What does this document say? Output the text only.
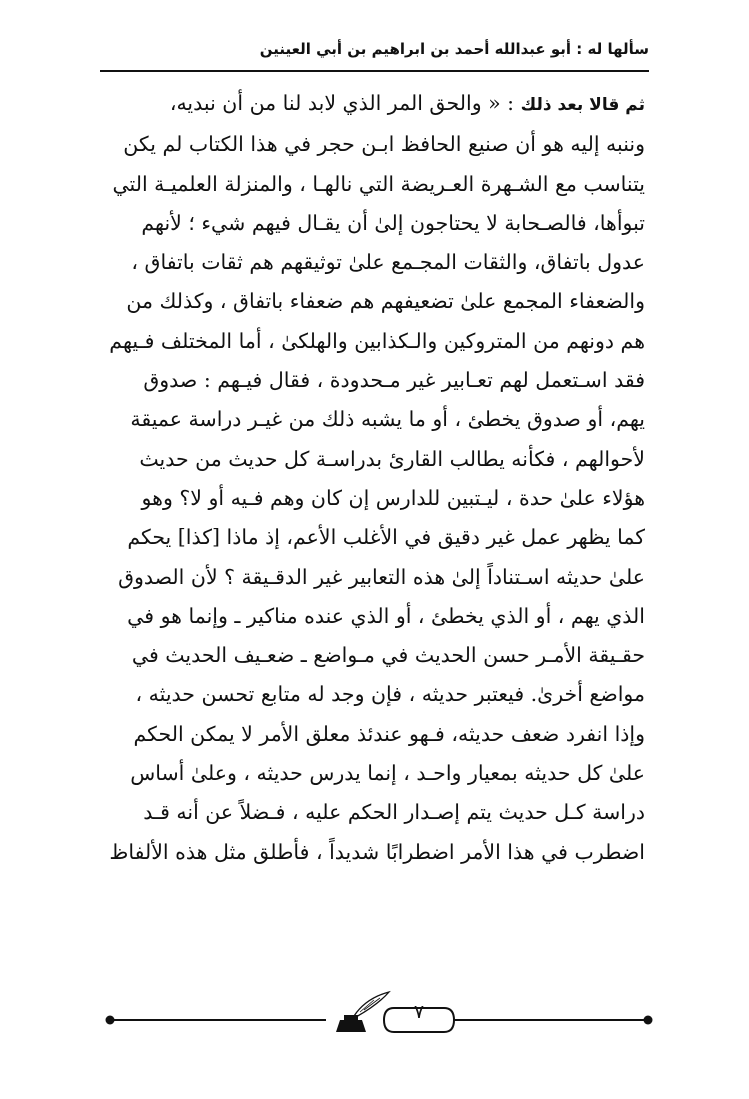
سألها له : أبو عبدالله أحمد بن ابراهيم بن أبي العينين
ثم قالا بعد ذلك : « والحق المر الذي لابد لنا من أن نبديه،
وننبه إليه هو أن صنيع الحافظ ابـن حجر في هذا الكتاب لم يكن
يتناسب مع الشـهرة العـريضة التي نالهـا ، والمنزلة العلميـة التي
تبوأها، فالصـحابة لا يحتاجون إلىٰ أن يقـال فيهم شيء ؛ لأنهم
عدول باتفاق، والثقات المجـمع علىٰ توثيقهم هم ثقات باتفاق ،
والضعفاء المجمع علىٰ تضعيفهم هم ضعفاء باتفاق ، وكذلك من
هم دونهم من المتروكين والـكذابين والهلكىٰ ، أما المختلف فـيهم
فقد اسـتعمل لهم تعـابير غير مـحدودة ، فقال فيـهم : صدوق
يهم، أو صدوق يخطئ ، أو ما يشبه ذلك من غيـر دراسة عميقة
لأحوالهم ، فكأنه يطالب القارئ بدراسـة كل حديث من حديث
هؤلاء علىٰ حدة ، ليـتبين للدارس إن كان وهم فـيه أو لا؟ وهو
كما يظهر عمل غير دقيق في الأغلب الأعم، إذ ماذا [كذا] يحكم
علىٰ حديثه اسـتناداً إلىٰ هذه التعابير غير الدقـيقة ؟ لأن الصدوق
الذي يهم ، أو الذي يخطئ ، أو الذي عنده مناكير ـ وإنما هو في
حقـيقة الأمـر حسن الحديث في مـواضع ـ ضعـيف الحديث في
مواضع أخرىٰ. فيعتبر حديثه ، فإن وجد له متابع تحسن حديثه ،
وإذا انفرد ضعف حديثه، فـهو عندئذ معلق الأمر لا يمكن الحكم
علىٰ كل حديثه بمعيار واحـد ، إنما يدرس حديثه ، وعلىٰ أساس
دراسة كـل حديث يتم إصـدار الحكم عليه ، فـضلاً عن أنه قـد
اضطرب في هذا الأمر اضطرابًا شديداً ، فأطلق مثل هذه الألفاظ
٧
